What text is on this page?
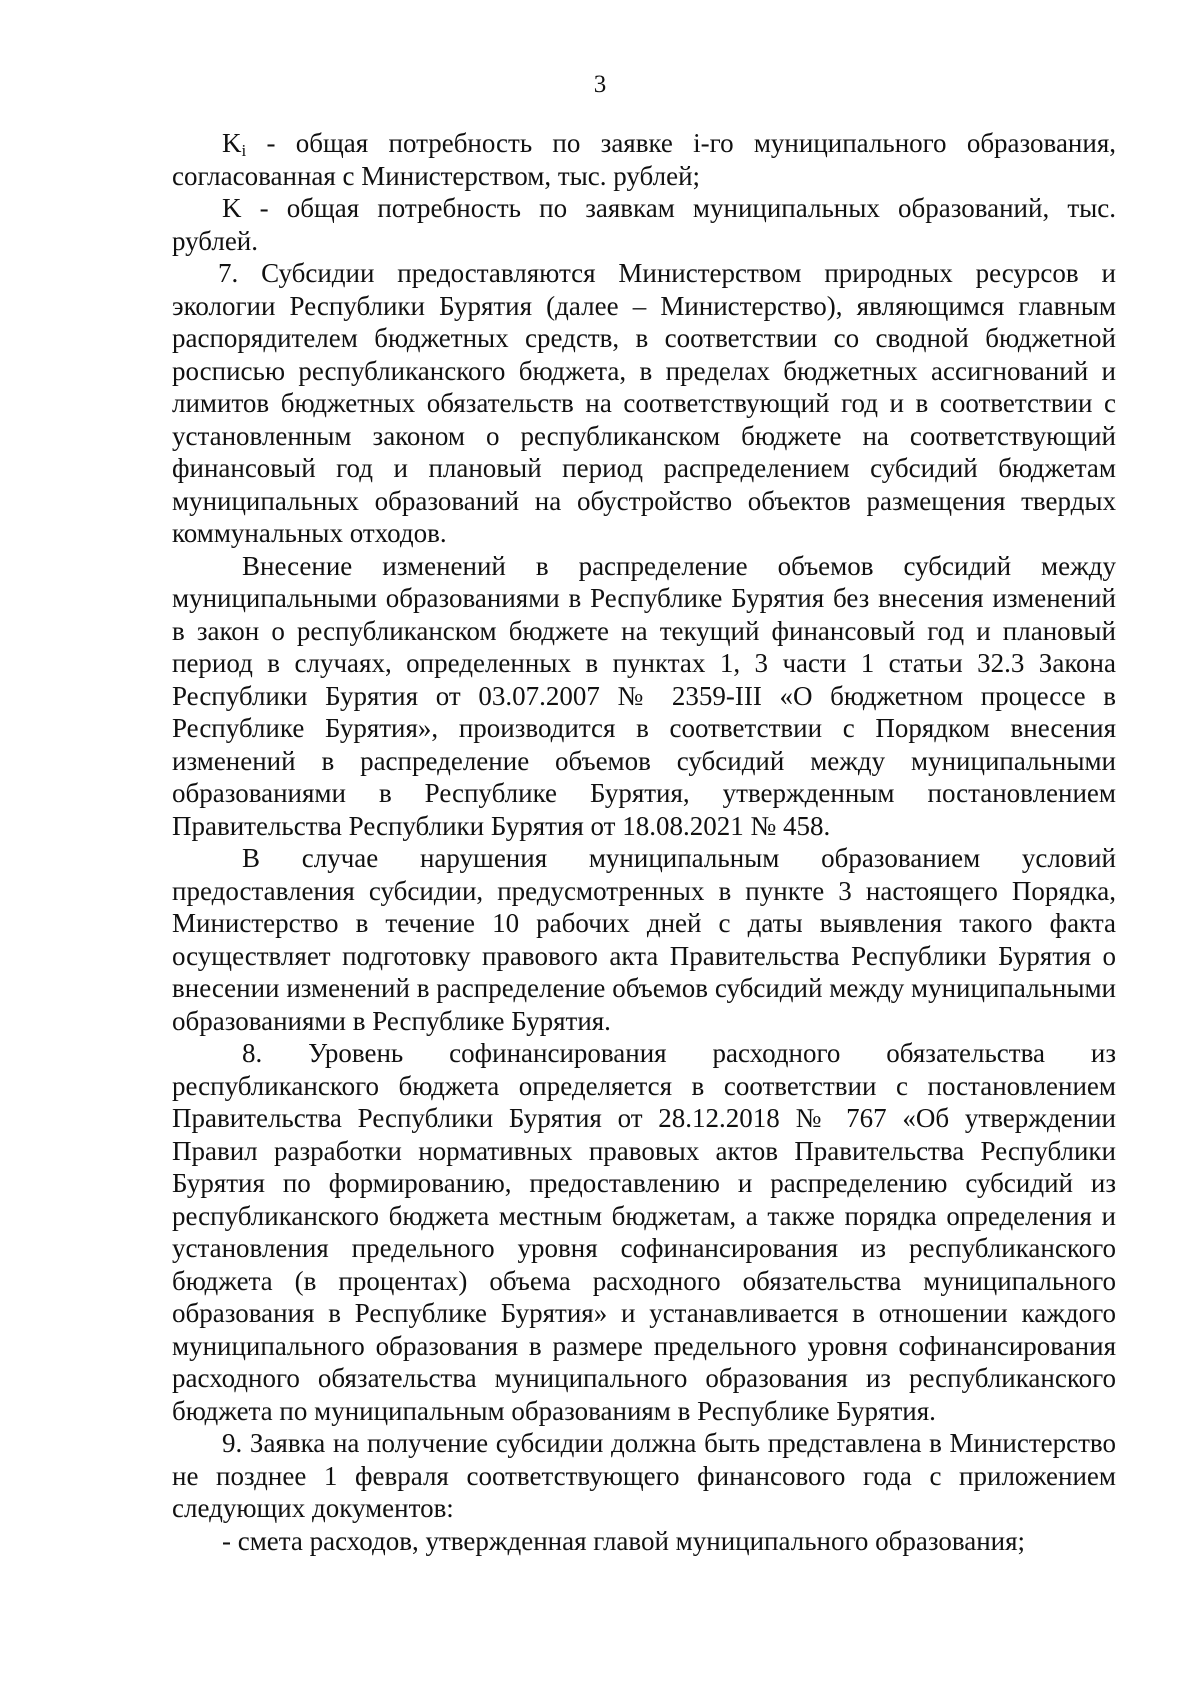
3

$K_i$ - общая потребность по заявке i-го муниципального образования, согласованная с Министерством, тыс. рублей;

K - общая потребность по заявкам муниципальных образований, тыс. рублей.

7. Субсидии предоставляются Министерством природных ресурсов и экологии Республики Бурятия (далее – Министерство), являющимся главным распорядителем бюджетных средств, в соответствии со сводной бюджетной росписью республиканского бюджета, в пределах бюджетных ассигнований и лимитов бюджетных обязательств на соответствующий год и в соответствии с установленным законом о республиканском бюджете на соответствующий финансовый год и плановый период распределением субсидий бюджетам муниципальных образований на обустройство объектов размещения твердых коммунальных отходов.

Внесение изменений в распределение объемов субсидий между муниципальными образованиями в Республике Бурятия без внесения изменений в закон о республиканском бюджете на текущий финансовый год и плановый период в случаях, определенных в пунктах 1, 3 части 1 статьи 32.3 Закона Республики Бурятия от 03.07.2007 № 2359-III «О бюджетном процессе в Республике Бурятия», производится в соответствии с Порядком внесения изменений в распределение объемов субсидий между муниципальными образованиями в Республике Бурятия, утвержденным постановлением Правительства Республики Бурятия от 18.08.2021 № 458.

В случае нарушения муниципальным образованием условий предоставления субсидии, предусмотренных в пункте 3 настоящего Порядка, Министерство в течение 10 рабочих дней с даты выявления такого факта осуществляет подготовку правового акта Правительства Республики Бурятия о внесении изменений в распределение объемов субсидий между муниципальными образованиями в Республике Бурятия.

8. Уровень софинансирования расходного обязательства из республиканского бюджета определяется в соответствии с постановлением Правительства Республики Бурятия от 28.12.2018 № 767 «Об утверждении Правил разработки нормативных правовых актов Правительства Республики Бурятия по формированию, предоставлению и распределению субсидий из республиканского бюджета местным бюджетам, а также порядка определения и установления предельного уровня софинансирования из республиканского бюджета (в процентах) объема расходного обязательства муниципального образования в Республике Бурятия» и устанавливается в отношении каждого муниципального образования в размере предельного уровня софинансирования расходного обязательства муниципального образования из республиканского бюджета по муниципальным образованиям в Республике Бурятия.

9. Заявка на получение субсидии должна быть представлена в Министерство не позднее 1 февраля соответствующего финансового года с приложением следующих документов:

- смета расходов, утвержденная главой муниципального образования;
